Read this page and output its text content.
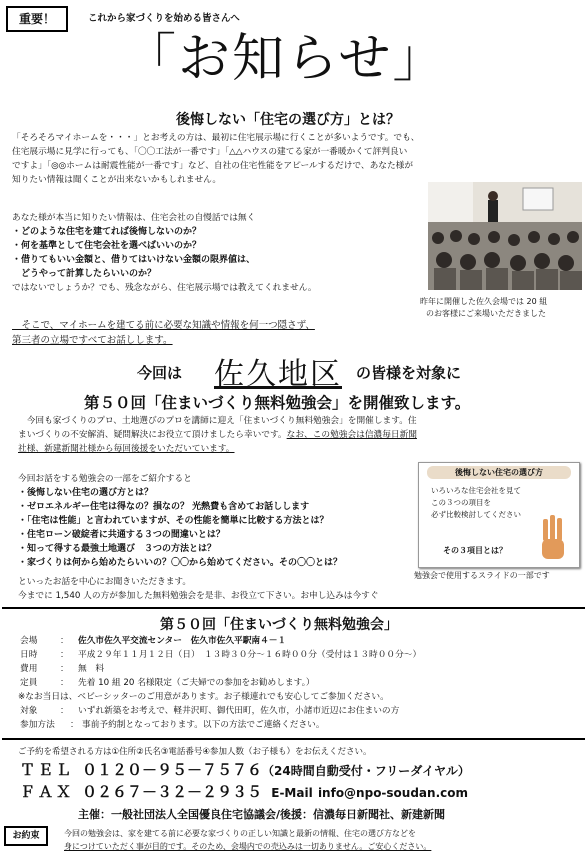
重要！	これから家づくりを始める皆さんへ
「お知らせ」
後悔しない「住宅の選び方」とは？
「そろそろマイホームを・・・」とお考えの方は、最初に住宅展示場に行くことが多いようです。でも、
住宅展示場に見学に行っても、「〇〇工法が一番です」「△△ハウスの建てる家が一番暖かくて評判良い
ですよ」「◎◎ホームは耐震性能が一番です」など、自社の住宅性能をアピールするだけで、あなた様が
知りたい情報は聞くことが出来ないかもしれません。
あなた様が本当に知りたい情報は、住宅会社の自慢話では無く
・どのような住宅を建てれば後悔しないのか？
・何を基準として住宅会社を選べばいいのか？
・借りてもいい金額と、借りてはいけない金額の限界値は、
　どうやって計算したらいいのか？
ではないでしょうか？でも、残念ながら、住宅展示場では教えてくれません。
　そこで、マイホームを建てる前に必要な知識や情報を何一つ隠さず、
第三者の立場ですべてお話しします。
昨年に開催した佐久会場では 20 組
のお客様にご来場いただきました
今回は 佐久地区 の皆様を対象に
第５０回「住まいづくり無料勉強会」を開催致します。
　今回も家づくりのプロ、土地選びのプロを講師に迎え「住まいづくり無料勉強会」を開催します。住
まいづくりの不安解消、疑問解決にお役立て頂けましたら幸いです。なお、この勉強会は信濃毎日新聞
社様、新建新聞社様から毎回後援をいただいています。
今回お話をする勉強会の一部をご紹介すると
・後悔しない住宅の選び方とは？
・ゼロエネルギー住宅は得なの？損なの？ 光熱費も含めてお話しします
・「住宅は性能」と言われていますが、その性能を簡単に比較する方法とは？
・住宅ローン破綻者に共通する３つの間違いとは？
・知って得する最強土地選び　３つの方法とは？
・家づくりは何から始めたらいいの？〇〇から始めてください。その〇〇とは？
といったお話を中心にお聞きいただきます。
今までに 1,540 人の方が参加した無料勉強会を是非、お役立て下さい。お申し込みは今すぐ
後悔しない住宅の選び方
いろいろな住宅会社を見て
この３つの項目を
必ず比較検討してください
その３項目とは？
勉強会で使用するスライドの一部です
第５０回「住まいづくり無料勉強会」
会場	： 佐久市佐久平交流センター　佐久市佐久平駅南４－１
日時	： 平成２９年１１月１２日（日）　１３時３０分～１６時００分（受付は１３時００分～）
費用	： 無　料
定員	： 先着 10 組 20 名様限定（ご夫婦での参加をお勧めします。）
※なお当日は、ベビーシッターのご用意があります。お子様連れでも安心してご参加ください。
対象	： いずれ新築をお考えで、軽井沢町、御代田町，佐久市，小諸市近辺にお住まいの方
参加方法 ： 事前予約制となっております。以下の方法でご連絡ください。
ご予約を希望される方は①住所②氏名③電話番号④参加人数（お子様も）をお伝えください。
ＴＥＬ ０１２０－９５－７５７６（24時間自動受付・フリーダイヤル）
ＦＡＸ ０２６７－３２－２９３５ E-Mail info@npo-soudan.com
主催：一般社団法人全国優良住宅協議会/後援：信濃毎日新聞社、新建新聞
お約束	今回の勉強会は、家を建てる前に必要な家づくりの正しい知識と最新の情報、住宅の選び方などを
身につけていただく事が目的です。そのため、会場内での売込みは一切ありません。ご安心ください。
